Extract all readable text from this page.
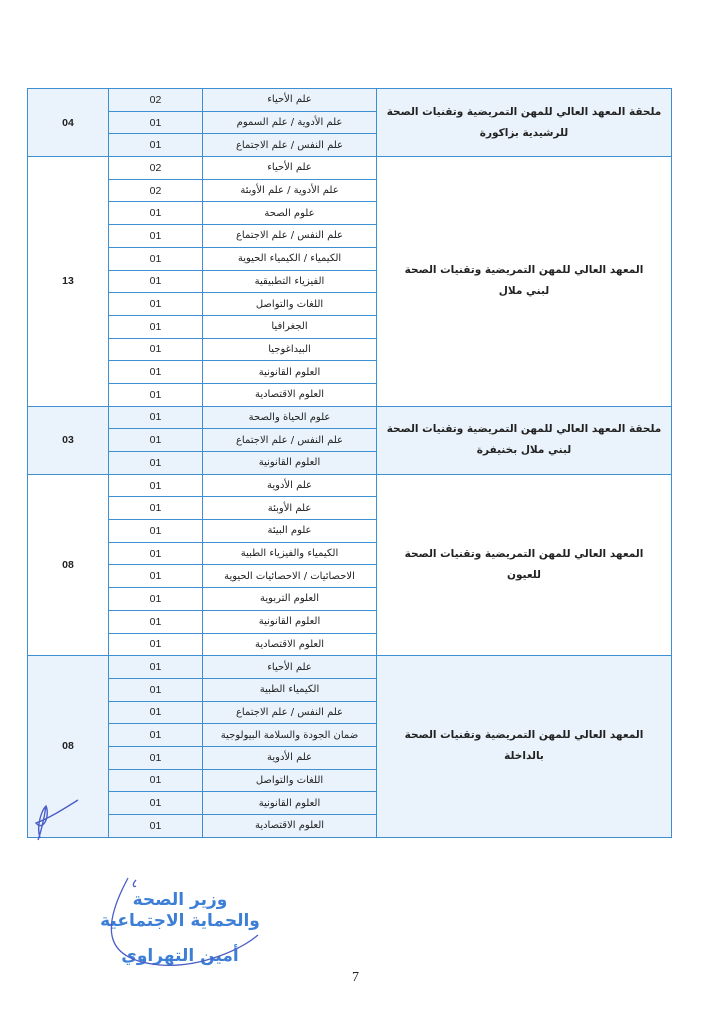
04	02	علم الأحياء	ملحقة المعهد العالي للمهن التمريضية وتقنيات الصحة
للرشيدية بزاكورة

	01	علم الأدوية / علم السموم	
	01	علم النفس / علم الاجتماع	
13	02	علم الأحياء	المعهد العالي للمهن التمريضية وتقنيات الصحة
لبني ملال

	02	علم الأدوية / علم الأوبئة	
	01	علوم الصحة	
	01	علم النفس / علم الاجتماع	
	01	الكيمياء / الكيمياء الحيوية	
	01	الفيزياء التطبيقية	
	01	اللغات والتواصل	
	01	الجغرافيا	
	01	البيداغوجيا	
	01	العلوم القانونية	
	01	العلوم الاقتصادية	
03	01	علوم الحياة والصحة	ملحقة المعهد العالي للمهن التمريضية وتقنيات الصحة
لبني ملال بخنيفرة

	01	علم النفس / علم الاجتماع	
	01	العلوم القانونية	
08	01	علم الأدوية	المعهد العالي للمهن التمريضية وتقنيات الصحة
للعيون

	01	علم الأوبئة	
	01	علوم البيئة	
	01	الكيمياء والفيزياء الطبية	
	01	الاحصائيات / الاحصائيات الحيوية	
	01	العلوم التربوية	
	01	العلوم القانونية	
	01	العلوم الاقتصادية	
08	01	علم الأحياء	المعهد العالي للمهن التمريضية وتقنيات الصحة
بالداخلة

	01	الكيمياء الطبية	
	01	علم النفس / علم الاجتماع	
	01	ضمان الجودة والسلامة البيولوجية	
	01	علم الأدوية	
	01	اللغات والتواصل	
	01	العلوم القانونية	
	01	العلوم الاقتصادية	
وزير الصحة
والحماية الاجتماعية
أمين التهراوي
7
